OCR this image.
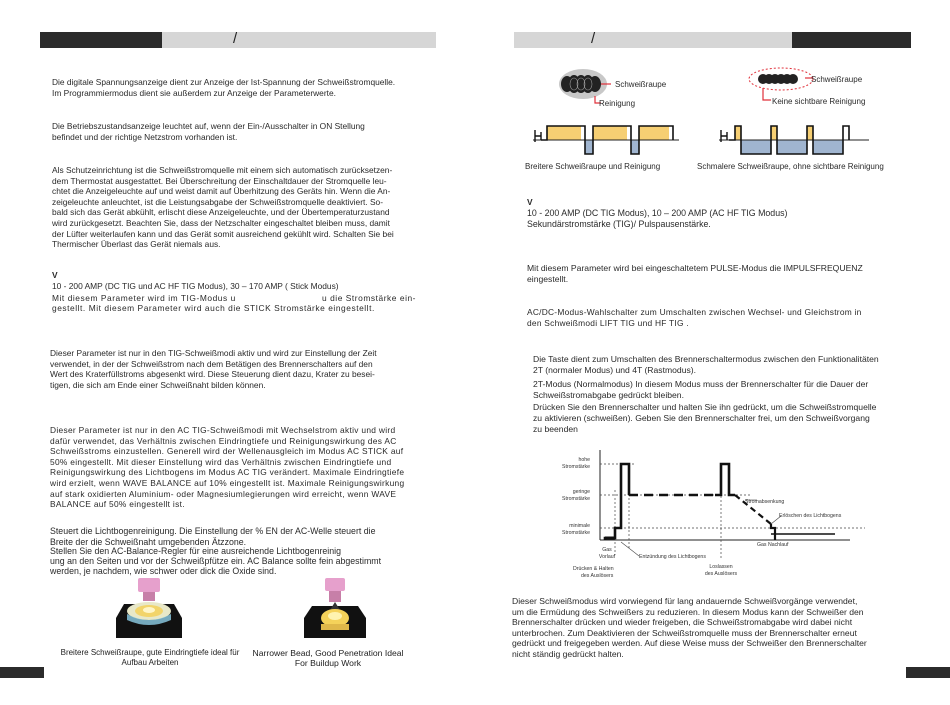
/
Die digitale Spannungsanzeige dient zur Anzeige der Ist-Spannung der Schweißstromquelle.
Im Programmiermodus dient sie außerdem zur Anzeige der Parameterwerte.
Die Betriebszustandsanzeige leuchtet auf, wenn der Ein-/Ausschalter in ON Stellung
befindet und der richtige Netzstrom vorhanden ist.
Als Schutzeinrichtung ist die Schweißstromquelle mit einem sich automatisch zurücksetzen-
dem Thermostat ausgestattet. Bei Überschreitung der Einschaltdauer der Stromquelle leu-
chtet die Anzeigeleuchte auf und weist damit auf Überhitzung des Geräts hin. Wenn die An-
zeigeleuchte anleuchtet, ist die Leistungsabgabe der Schweißstromquelle deaktiviert. So-
bald sich das Gerät abkühlt, erlischt diese Anzeigeleuchte, und der Übertemperaturzustand
wird zurückgesetzt. Beachten Sie, dass der Netzschalter eingeschaltet bleiben muss, damit
der Lüfter weiterlaufen kann und das Gerät somit ausreichend gekühlt wird. Schalten Sie bei
Thermischer Überlast das Gerät niemals aus.
V
10 - 200 AMP (DC TIG und AC HF TIG Modus), 30 – 170 AMP ( Stick Modus)
Mit diesem Parameter wird im TIG-Modus u	u die Stromstärke ein-
gestellt. Mit diesem Parameter wird auch die STICK Stromstärke eingestellt.
Dieser Parameter ist nur in den TIG-Schweißmodi aktiv und wird zur Einstellung der Zeit
verwendet, in der der Schweißstrom nach dem Betätigen des Brennerschalters auf den
Wert des Kraterfüllstroms abgesenkt wird. Diese Steuerung dient dazu, Krater zu besei-
tigen, die sich am Ende einer Schweißnaht bilden können.
Dieser Parameter ist nur in den AC TIG-Schweißmodi mit Wechselstrom aktiv und wird
dafür verwendet, das Verhältnis zwischen Eindringtiefe und Reinigungswirkung des AC
Schweißstroms einzustellen. Generell wird der Wellenausgleich im Modus AC STICK auf
50% eingestellt. Mit dieser Einstellung wird das Verhältnis zwischen Eindringtiefe und
Reinigungswirkung des Lichtbogens im Modus AC TIG verändert. Maximale Eindringtiefe
wird erzielt, wenn WAVE BALANCE auf 10% eingestellt ist. Maximale Reinigungswirkung
auf stark oxidierten Aluminium- oder Magnesiumlegierungen wird erreicht, wenn WAVE
BALANCE auf 50% eingestellt ist.
Steuert die Lichtbogenreinigung. Die Einstellung der % EN der AC-Welle steuert die
Breite der die Schweißnaht umgebenden Ätzzone.
Stellen Sie den AC-Balance-Regler für eine ausreichende Lichtbogenreinig
ung an den Seiten und vor der Schweißpfütze ein. AC Balance sollte fein abgestimmt
werden, je nachdem, wie schwer oder dick die Oxide sind.
Breitere Schweißraupe, gute Eindringtiefe ideal für Aufbau Arbeiten
Narrower Bead, Good Penetration Ideal For Buildup Work
/
Schweißraupe
Reinigung
Schweißraupe
Keine sichtbare Reinigung
Breitere Schweißraupe und Reinigung	Schmalere Schweißraupe, ohne sichtbare Reinigung
V
10 - 200 AMP (DC TIG Modus), 10 – 200 AMP (AC HF TIG Modus)
Sekundärstromstärke (TIG)/ Pulspausenstärke.
Mit diesem Parameter wird bei eingeschaltetem PULSE-Modus die IMPULSFREQUENZ
eingestellt.
AC/DC-Modus-Wahlschalter zum Umschalten zwischen Wechsel- und Gleichstrom in
den Schweißmodi LIFT TIG und HF TIG .
Die Taste dient zum Umschalten des Brennerschaltermodus zwischen den Funktionalitäten
2T (normaler Modus) und 4T (Rastmodus).
2T-Modus (Normalmodus) In diesem Modus muss der Brennerschalter für die Dauer der
Schweißstromabgabe gedrückt bleiben.
Drücken Sie den Brennerschalter und halten Sie ihn gedrückt, um die Schweißstromquelle
zu aktivieren (schweißen). Geben Sie den Brennerschalter frei, um den Schweißvorgang
zu beenden
hohe
Stromstärke
geringe
Stromstärke
minimale
Stromstärke
Stromabsenkung
Erlöschen des Lichtbogens
Gas Nachlauf
Gas
Vorlauf	Entzündung des Lichtbogens
Drücken & Halten
des Auslösers
Loslassen
des Auslösers
Dieser Schweißmodus wird vorwiegend für lang andauernde Schweißvorgänge verwendet,
um die Ermüdung des Schweißers zu reduzieren. In diesem Modus kann der Schweißer den
Brennerschalter drücken und wieder freigeben, die Schweißstromabgabe wird dabei nicht
unterbrochen. Zum Deaktivieren der Schweißstromquelle muss der Brennerschalter erneut
gedrückt und freigegeben werden. Auf diese Weise muss der Schweißer den Brennerschalter
nicht ständig gedrückt halten.
